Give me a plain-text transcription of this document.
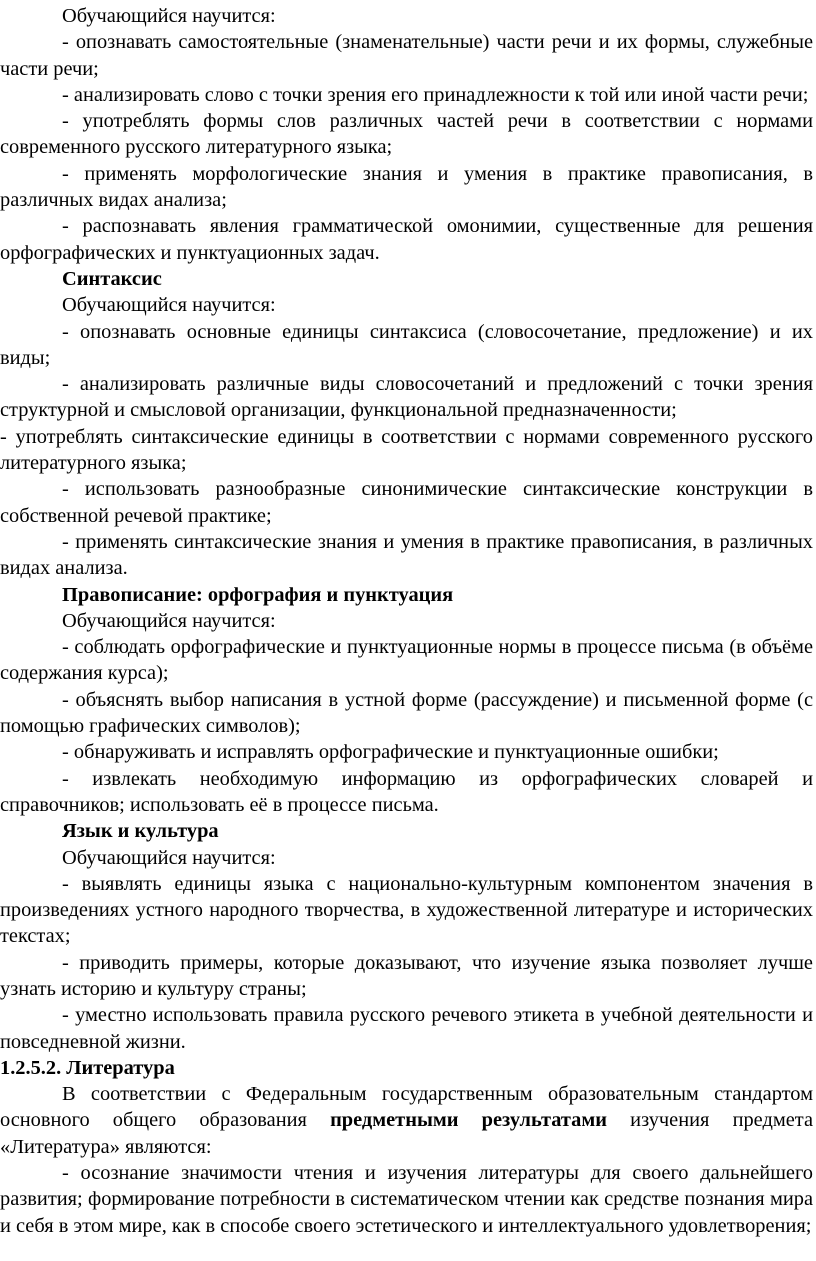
Обучающийся научится:

- опознавать самостоятельные (знаменательные) части речи и их формы, служебные части речи;

- анализировать слово с точки зрения его принадлежности к той или иной части речи;

- употреблять формы слов различных частей речи в соответствии с нормами современного русского литературного языка;

- применять морфологические знания и умения в практике правописания, в различных видах анализа;

- распознавать явления грамматической омонимии, существенные для решения орфографических и пунктуационных задач.

Синтаксис

Обучающийся научится:

- опознавать основные единицы синтаксиса (словосочетание, предложение) и их виды;

- анализировать различные виды словосочетаний и предложений с точки зрения структурной и смысловой организации, функциональной предназначенности;

- употреблять синтаксические единицы в соответствии с нормами современного русского литературного языка;

- использовать разнообразные синонимические синтаксические конструкции в собственной речевой практике;

- применять синтаксические знания и умения в практике правописания, в различных видах анализа.

Правописание: орфография и пунктуация

Обучающийся научится:

- соблюдать орфографические и пунктуационные нормы в процессе письма (в объёме содержания курса);

- объяснять выбор написания в устной форме (рассуждение) и письменной форме (с помощью графических символов);

- обнаруживать и исправлять орфографические и пунктуационные ошибки;

- извлекать необходимую информацию из орфографических словарей и справочников; использовать её в процессе письма.

Язык и культура

Обучающийся научится:

- выявлять единицы языка с национально-культурным компонентом значения в произведениях устного народного творчества, в художественной литературе и исторических текстах;

- приводить примеры, которые доказывают, что изучение языка позволяет лучше узнать историю и культуру страны;

- уместно использовать правила русского речевого этикета в учебной деятельности и повседневной жизни.

1.2.5.2. Литература

В соответствии с Федеральным государственным образовательным стандартом основного общего образования предметными результатами изучения предмета «Литература» являются:

- осознание значимости чтения и изучения литературы для своего дальнейшего развития; формирование потребности в систематическом чтении как средстве познания мира и себя в этом мире, как в способе своего эстетического и интеллектуального удовлетворения;
